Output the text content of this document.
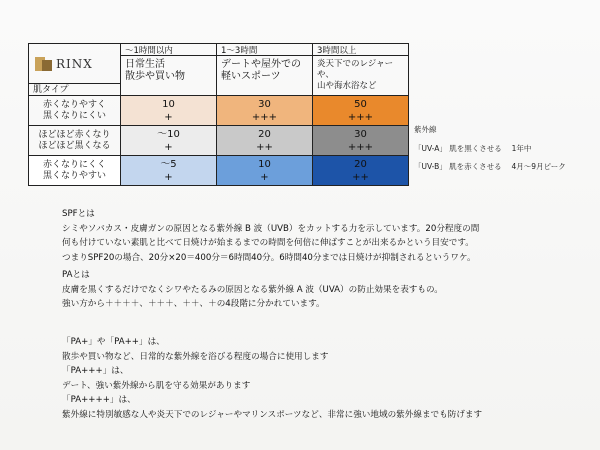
RINX
〜1時間以内	1〜3時間	3時間以上
日常生活
散歩や買い物
デートや屋外での
軽いスポーツ
炎天下でのレジャーや、
山や海水浴など
肌タイプ
赤くなりやすく
黒くなりにくい
10
+
30
+++
50
+++
ほどほど赤くなり
ほどほど黒くなる
〜10
+
20
++
30
+++
赤くなりにくく
黒くなりやすい
〜5
+
10
+
20
++
紫外線
「UV-A」 肌を黒くさせる　 1年中
「UV-B」 肌を赤くさせる　 4月〜9月ピーク
SPFとは
シミやソバカス・皮膚ガンの原因となる紫外線 B 波（UVB）をカットする力を示しています。20分程度の間
何も付けていない素肌と比べて日焼けが始まるまでの時間を何倍に伸ばすことが出来るかという目安です。
つまりSPF20の場合、20分×20＝400分＝6時間40分。6時間40分までは日焼けが抑制されるというワケ。
PAとは
皮膚を黒くするだけでなくシワやたるみの原因となる紫外線 A 波（UVA）の防止効果を表すもの。
強い方から＋＋＋＋、＋＋＋、＋＋、＋の4段階に分かれています。
「PA+」や「PA++」は、
散歩や買い物など、日常的な紫外線を浴びる程度の場合に使用します
「PA+++」は、
デート、強い紫外線から肌を守る効果があります
「PA++++」は、
紫外線に特別敏感な人や炎天下でのレジャーやマリンスポーツなど、非常に強い地域の紫外線までも防げます
